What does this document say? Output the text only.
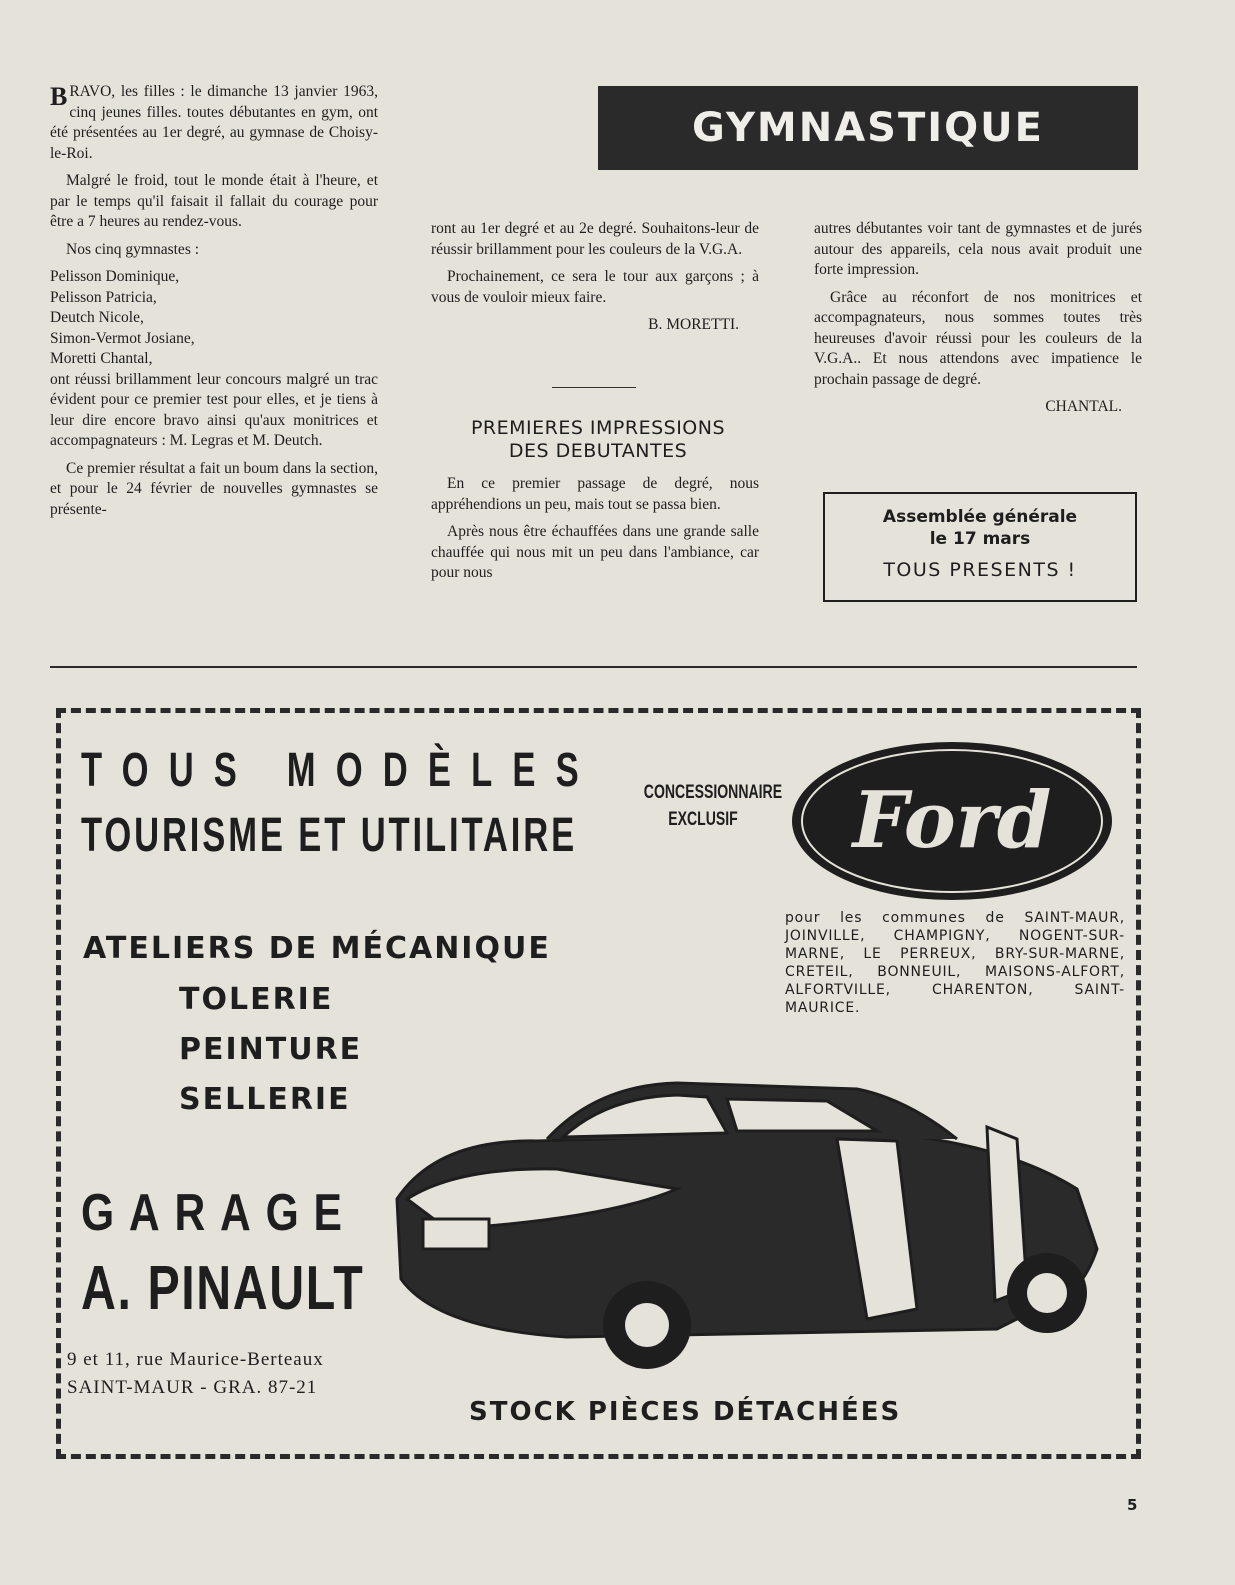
GYMNASTIQUE

BRAVO, les filles : le dimanche 13 janvier 1963, cinq jeunes filles. toutes débutantes en gym, ont été présentées au 1er degré, au gymnase de Choisy-le-Roi.

Malgré le froid, tout le monde était à l'heure, et par le temps qu'il faisait il fallait du courage pour être a 7 heures au rendez-vous.

Nos cinq gymnastes :

Pelisson Dominique,
Pelisson Patricia,
Deutch Nicole,
Simon-Vermot Josiane,
Moretti Chantal,

ont réussi brillamment leur concours malgré un trac évident pour ce premier test pour elles, et je tiens à leur dire encore bravo ainsi qu'aux monitrices et accompagnateurs : M. Legras et M. Deutch.

Ce premier résultat a fait un boum dans la section, et pour le 24 février de nouvelles gymnastes se présente-

ront au 1er degré et au 2e degré. Souhaitons-leur de réussir brillamment pour les couleurs de la V.G.A.

Prochainement, ce sera le tour aux garçons ; à vous de vouloir mieux faire.

B. MORETTI.

PREMIERES IMPRESSIONS
DES DEBUTANTES

En ce premier passage de degré, nous appréhendions un peu, mais tout se passa bien.

Après nous être échauffées dans une grande salle chauffée qui nous mit un peu dans l'ambiance, car pour nous

autres débutantes voir tant de gymnastes et de jurés autour des appareils, cela nous avait produit une forte impression.

Grâce au réconfort de nos monitrices et accompagnateurs, nous sommes toutes très heureuses d'avoir réussi pour les couleurs de la V.G.A.. Et nous attendons avec impatience le prochain passage de degré.

CHANTAL.

Assemblée générale
le 17 mars
TOUS PRESENTS !
TOUS MODÈLES
TOURISME ET UTILITAIRE
ATELIERS DE MÉCANIQUE
TOLERIE
PEINTURE
SELLERIE
GARAGE
A. PINAULT
9 et 11, rue Maurice-Berteaux
SAINT-MAUR - GRA. 87-21
CONCESSIONNAIRE
EXCLUSIF	Ford
pour les communes de SAINT-MAUR, JOINVILLE, CHAMPIGNY, NOGENT-SUR-MARNE, LE PERREUX, BRY-SUR-MARNE, CRETEIL, BONNEUIL, MAISONS-ALFORT, ALFORTVILLE, CHARENTON, SAINT-MAURICE.
STOCK PIÈCES DÉTACHÉES
5
